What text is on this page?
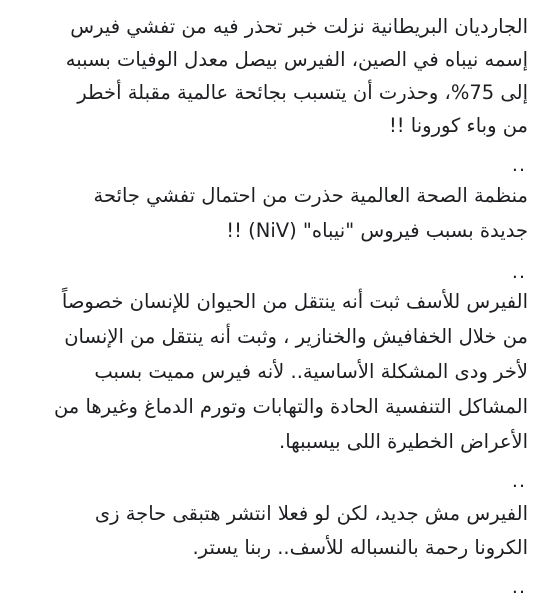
الجارديان البريطانية نزلت خبر تحذر فيه من تفشي فيرس
إسمه نيباه في الصين، الفيرس بيصل معدل الوفيات بسببه
إلى 75%، وحذرت أن يتسبب بجائحة عالمية مقبلة أخطر
من وباء كورونا !!
..
منظمة الصحة العالمية حذرت من احتمال تفشي جائحة
جديدة بسبب فيروس "نيباه" (NiV) !!
..
الفيرس للأسف ثبت أنه ينتقل من الحيوان للإنسان خصوصاً
من خلال الخفافيش والخنازير ، وثبت أنه ينتقل من الإنسان
لأخر ودى المشكلة الأساسية.. لأنه فيرس مميت بسبب
المشاكل التنفسية الحادة والتهابات وتورم الدماغ وغيرها من
الأعراض الخطيرة اللى بيسببها.
..
الفيرس مش جديد، لكن لو فعلا انتشر هتبقى حاجة زى
الكرونا رحمة بالنسباله للأسف.. ربنا يستر.
..
